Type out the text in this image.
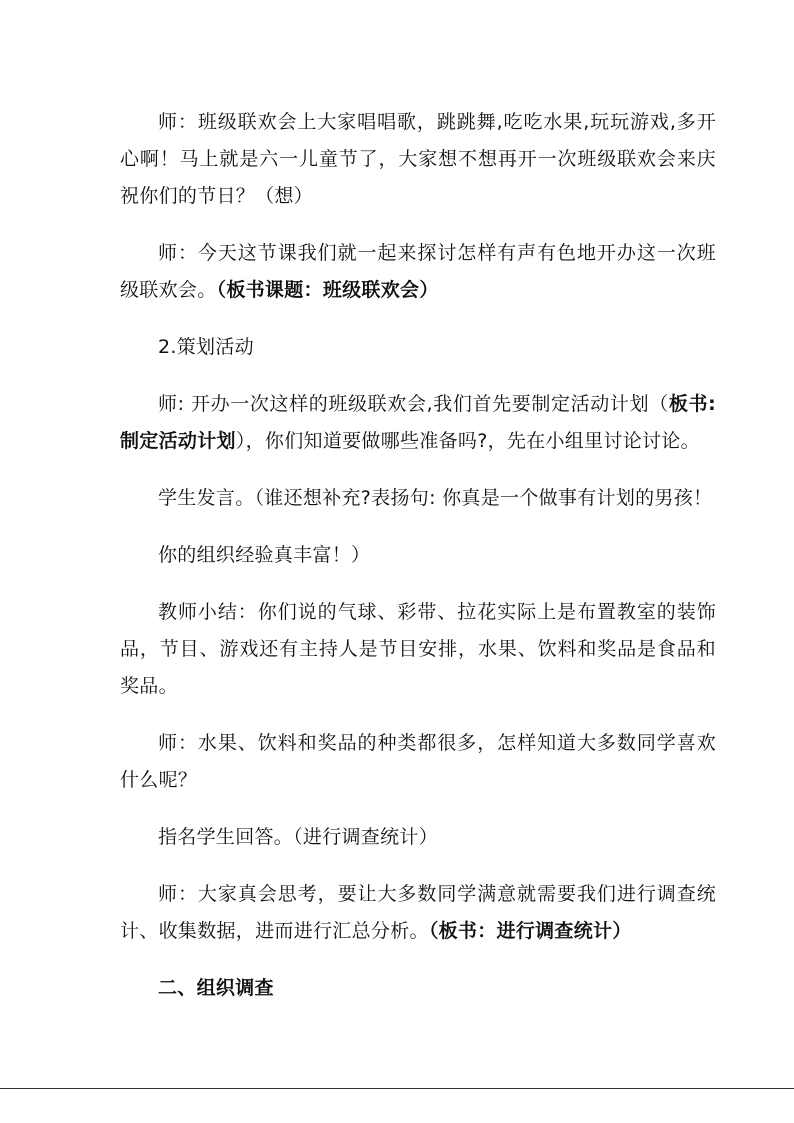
师：班级联欢会上大家唱唱歌，跳跳舞,吃吃水果,玩玩游戏,多开心啊！马上就是六一儿童节了，大家想不想再开一次班级联欢会来庆祝你们的节日？（想）

师：今天这节课我们就一起来探讨怎样有声有色地开办这一次班级联欢会。（板书课题：班级联欢会）

2.策划活动

师: 开办一次这样的班级联欢会,我们首先要制定活动计划（板书: 制定活动计划），你们知道要做哪些准备吗?，先在小组里讨论讨论。

学生发言。（谁还想补充?表扬句: 你真是一个做事有计划的男孩！

你的组织经验真丰富！）

教师小结：你们说的气球、彩带、拉花实际上是布置教室的装饰品，节目、游戏还有主持人是节目安排，水果、饮料和奖品是食品和奖品。

师：水果、饮料和奖品的种类都很多，怎样知道大多数同学喜欢什么呢？

指名学生回答。（进行调查统计）

师：大家真会思考，要让大多数同学满意就需要我们进行调查统计、收集数据，进而进行汇总分析。（板书：进行调查统计）

二、组织调查
